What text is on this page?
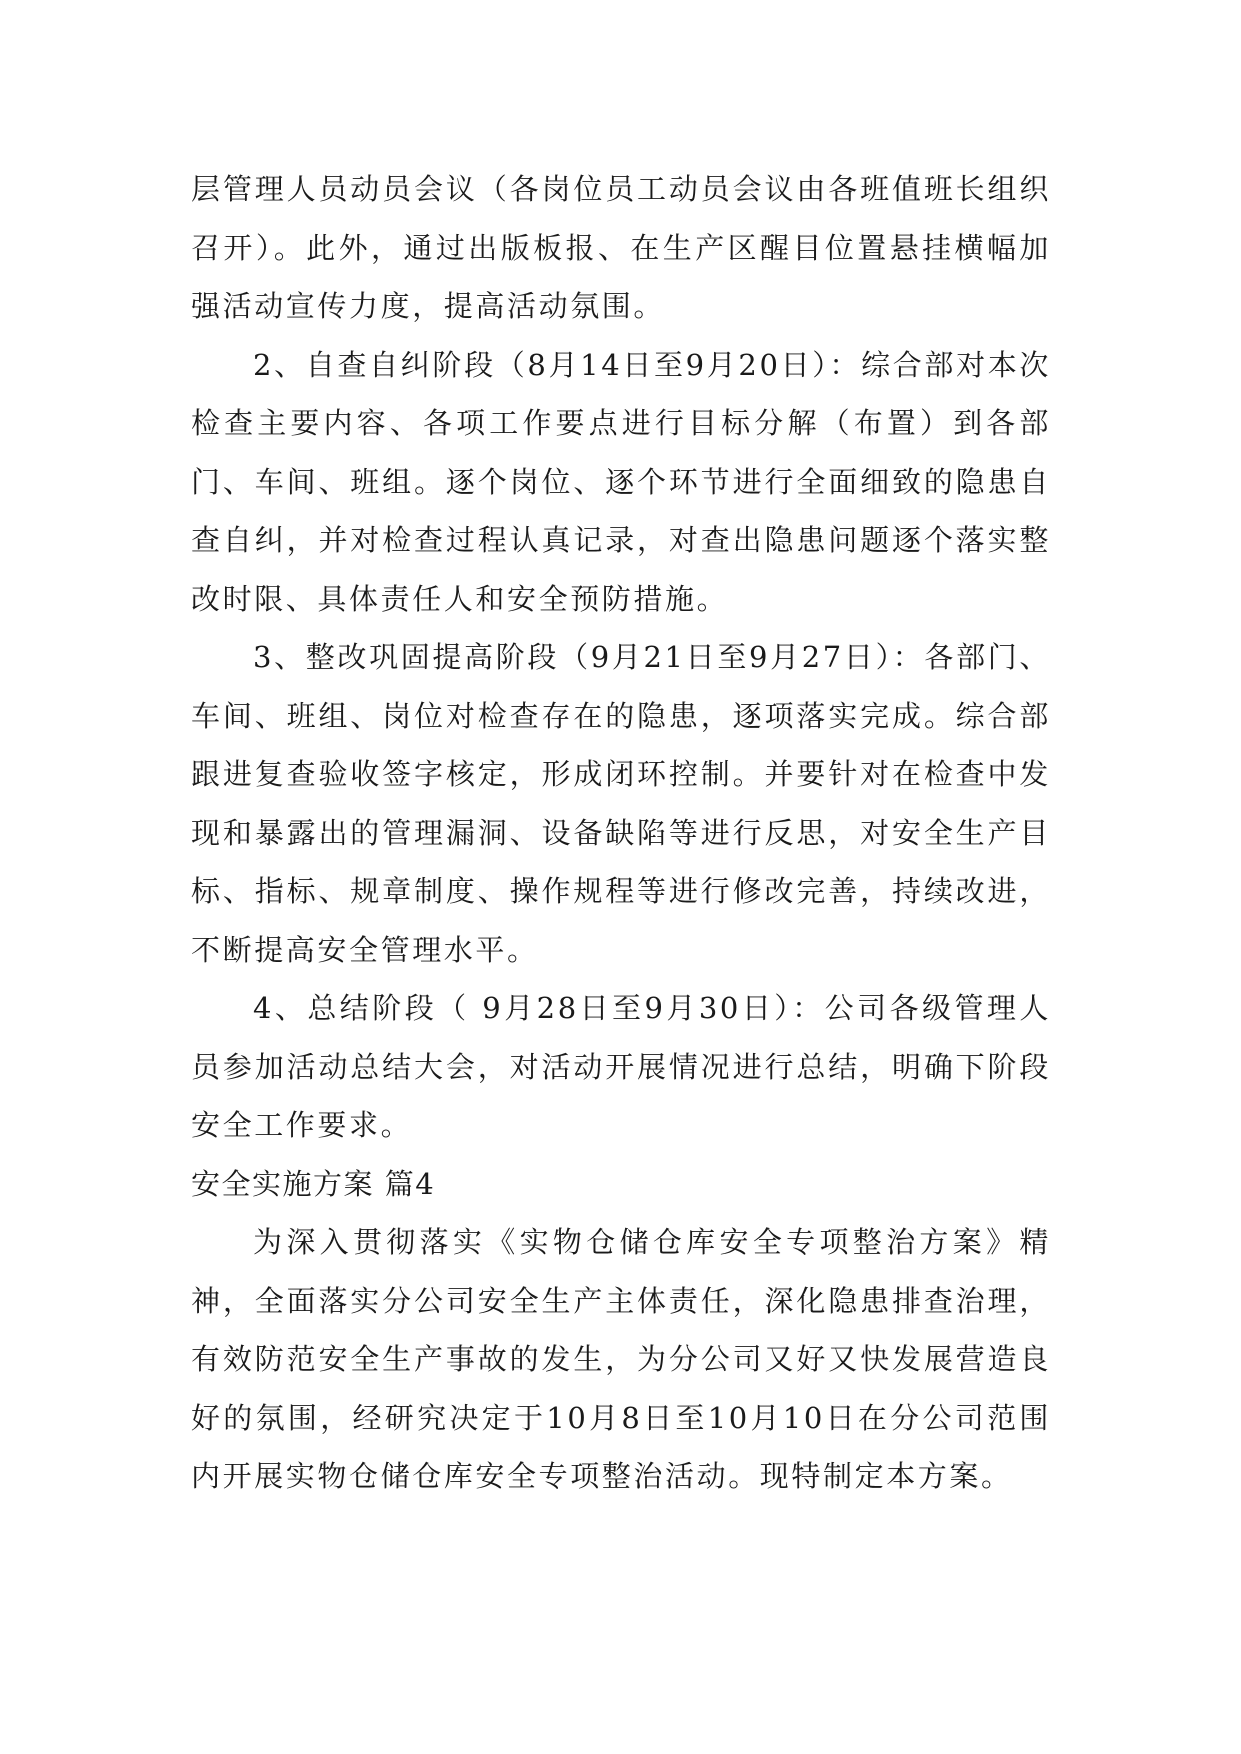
层管理人员动员会议（各岗位员工动员会议由各班值班长组织召开）。此外，通过出版板报、在生产区醒目位置悬挂横幅加强活动宣传力度，提高活动氛围。

2、自查自纠阶段（8月14日至9月20日）：综合部对本次检查主要内容、各项工作要点进行目标分解（布置）到各部门、车间、班组。逐个岗位、逐个环节进行全面细致的隐患自查自纠，并对检查过程认真记录，对查出隐患问题逐个落实整改时限、具体责任人和安全预防措施。

3、整改巩固提高阶段（9月21日至9月27日）：各部门、车间、班组、岗位对检查存在的隐患，逐项落实完成。综合部跟进复查验收签字核定，形成闭环控制。并要针对在检查中发现和暴露出的管理漏洞、设备缺陷等进行反思，对安全生产目标、指标、规章制度、操作规程等进行修改完善，持续改进，不断提高安全管理水平。

4、总结阶段（ 9月28日至9月30日）：公司各级管理人员参加活动总结大会，对活动开展情况进行总结，明确下阶段安全工作要求。

安全实施方案 篇4

为深入贯彻落实《实物仓储仓库安全专项整治方案》精神，全面落实分公司安全生产主体责任，深化隐患排查治理，有效防范安全生产事故的发生，为分公司又好又快发展营造良好的氛围，经研究决定于10月8日至10月10日在分公司范围内开展实物仓储仓库安全专项整治活动。现特制定本方案。
